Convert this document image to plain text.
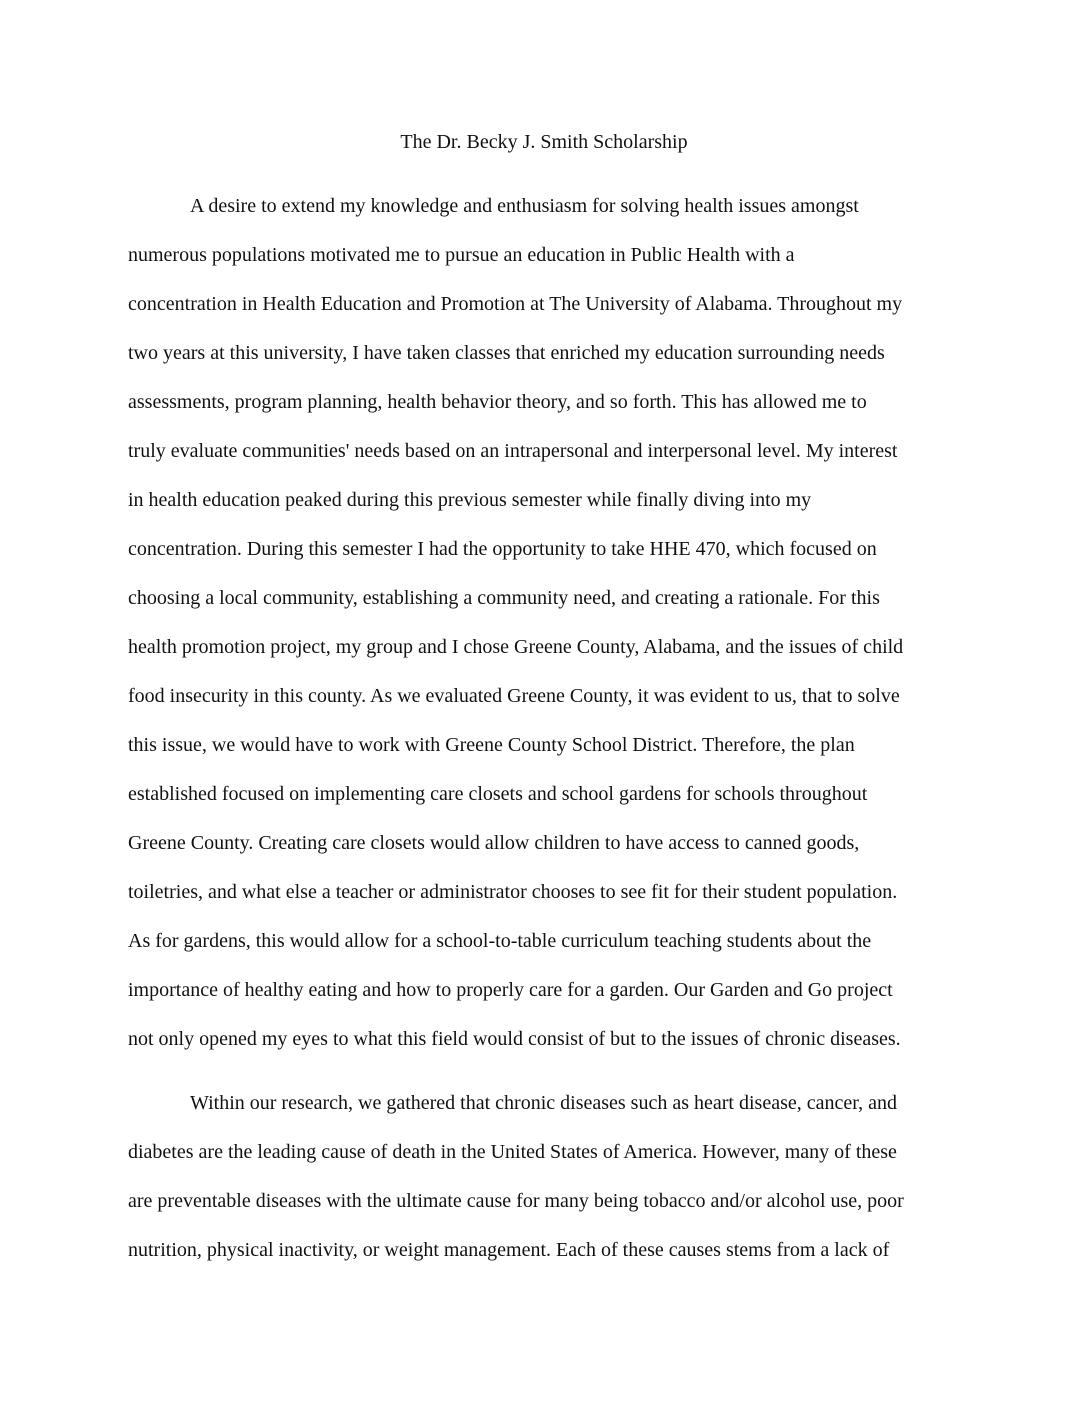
The Dr. Becky J. Smith Scholarship
A desire to extend my knowledge and enthusiasm for solving health issues amongst
numerous populations motivated me to pursue an education in Public Health with a
concentration in Health Education and Promotion at The University of Alabama. Throughout my
two years at this university, I have taken classes that enriched my education surrounding needs
assessments, program planning, health behavior theory, and so forth. This has allowed me to
truly evaluate communities' needs based on an intrapersonal and interpersonal level. My interest
in health education peaked during this previous semester while finally diving into my
concentration. During this semester I had the opportunity to take HHE 470, which focused on
choosing a local community, establishing a community need, and creating a rationale. For this
health promotion project, my group and I chose Greene County, Alabama, and the issues of child
food insecurity in this county. As we evaluated Greene County, it was evident to us, that to solve
this issue, we would have to work with Greene County School District. Therefore, the plan
established focused on implementing care closets and school gardens for schools throughout
Greene County. Creating care closets would allow children to have access to canned goods,
toiletries, and what else a teacher or administrator chooses to see fit for their student population.
As for gardens, this would allow for a school-to-table curriculum teaching students about the
importance of healthy eating and how to properly care for a garden. Our Garden and Go project
not only opened my eyes to what this field would consist of but to the issues of chronic diseases.
Within our research, we gathered that chronic diseases such as heart disease, cancer, and
diabetes are the leading cause of death in the United States of America. However, many of these
are preventable diseases with the ultimate cause for many being tobacco and/or alcohol use, poor
nutrition, physical inactivity, or weight management. Each of these causes stems from a lack of
